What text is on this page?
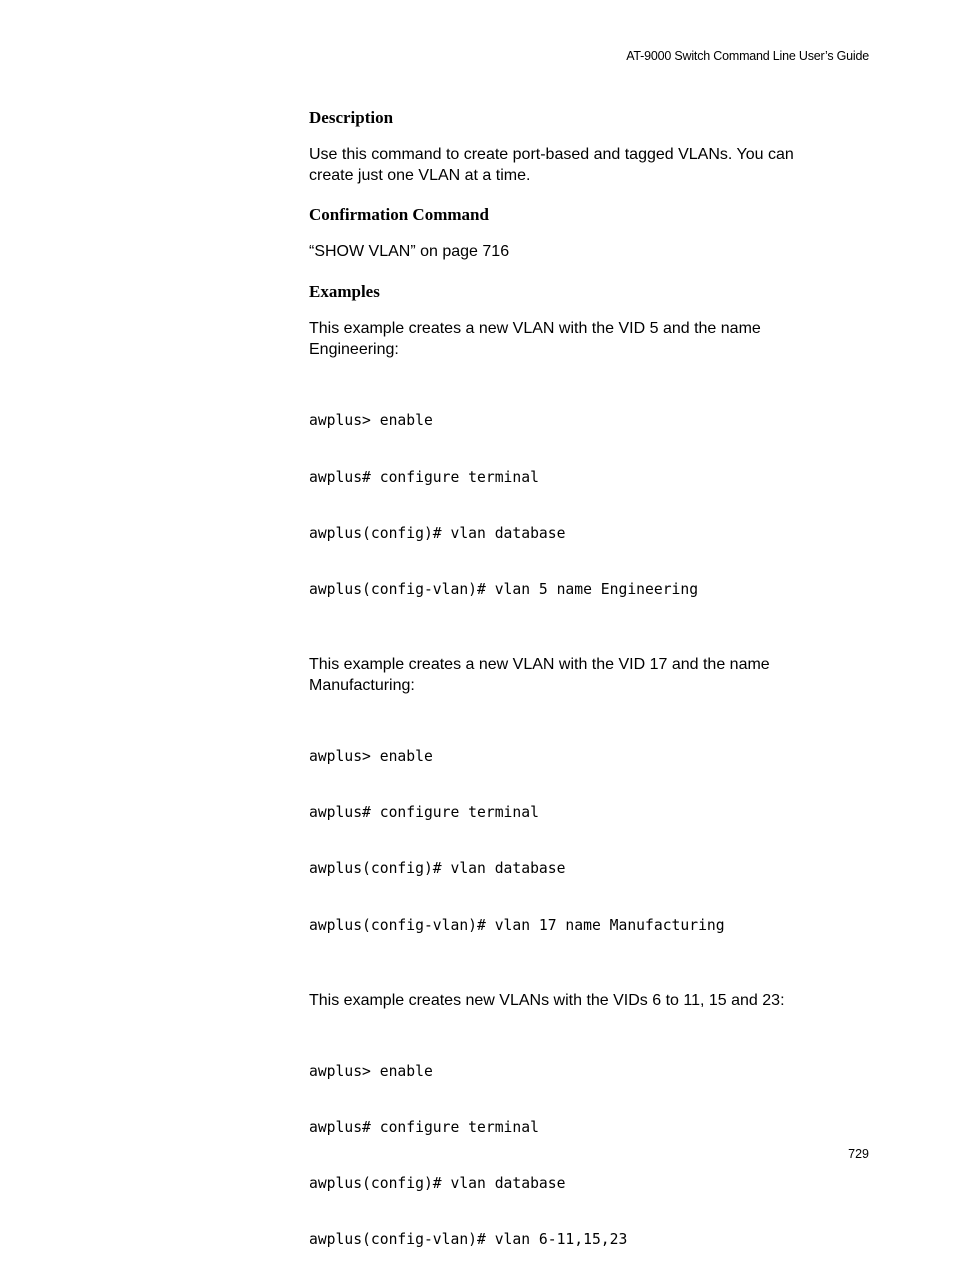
AT-9000 Switch Command Line User’s Guide
Description

Use this command to create port-based and tagged VLANs. You can
create just one VLAN at a time.

Confirmation Command

“SHOW VLAN” on page 716

Examples

This example creates a new VLAN with the VID 5 and the name
Engineering:

awplus> enable

awplus# configure terminal

awplus(config)# vlan database

awplus(config-vlan)# vlan 5 name Engineering

This example creates a new VLAN with the VID 17 and the name
Manufacturing:

awplus> enable

awplus# configure terminal

awplus(config)# vlan database

awplus(config-vlan)# vlan 17 name Manufacturing

This example creates new VLANs with the VIDs 6 to 11, 15 and 23:

awplus> enable

awplus# configure terminal

awplus(config)# vlan database

awplus(config-vlan)# vlan 6-11,15,23

729
